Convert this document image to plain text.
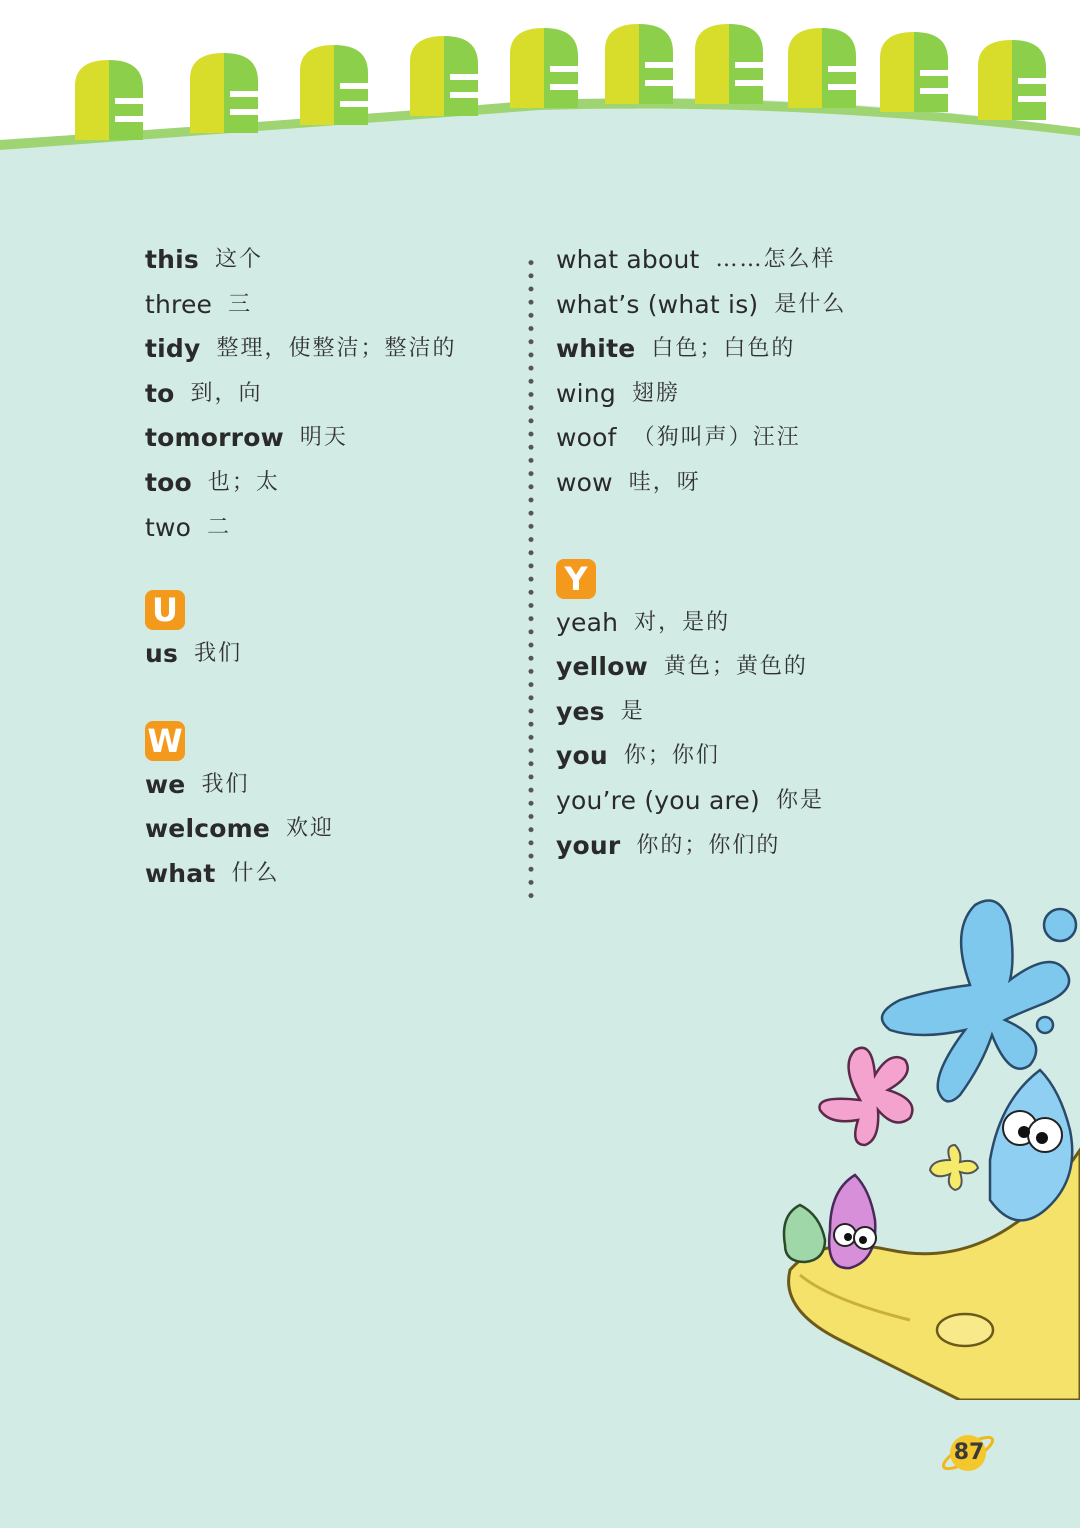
this 这个
three 三
tidy 整理，使整洁；整洁的
to 到，向
tomorrow 明天
too 也；太
two 二
U
us 我们
W
we 我们
welcome 欢迎
what 什么
what about ……怎么样
what’s (what is) 是什么
white 白色；白色的
wing 翅膀
woof （狗叫声）汪汪
wow 哇，呀
Y
yeah 对，是的
yellow 黄色；黄色的
yes 是
you 你；你们
you’re (you are) 你是
your 你的；你们的
87
